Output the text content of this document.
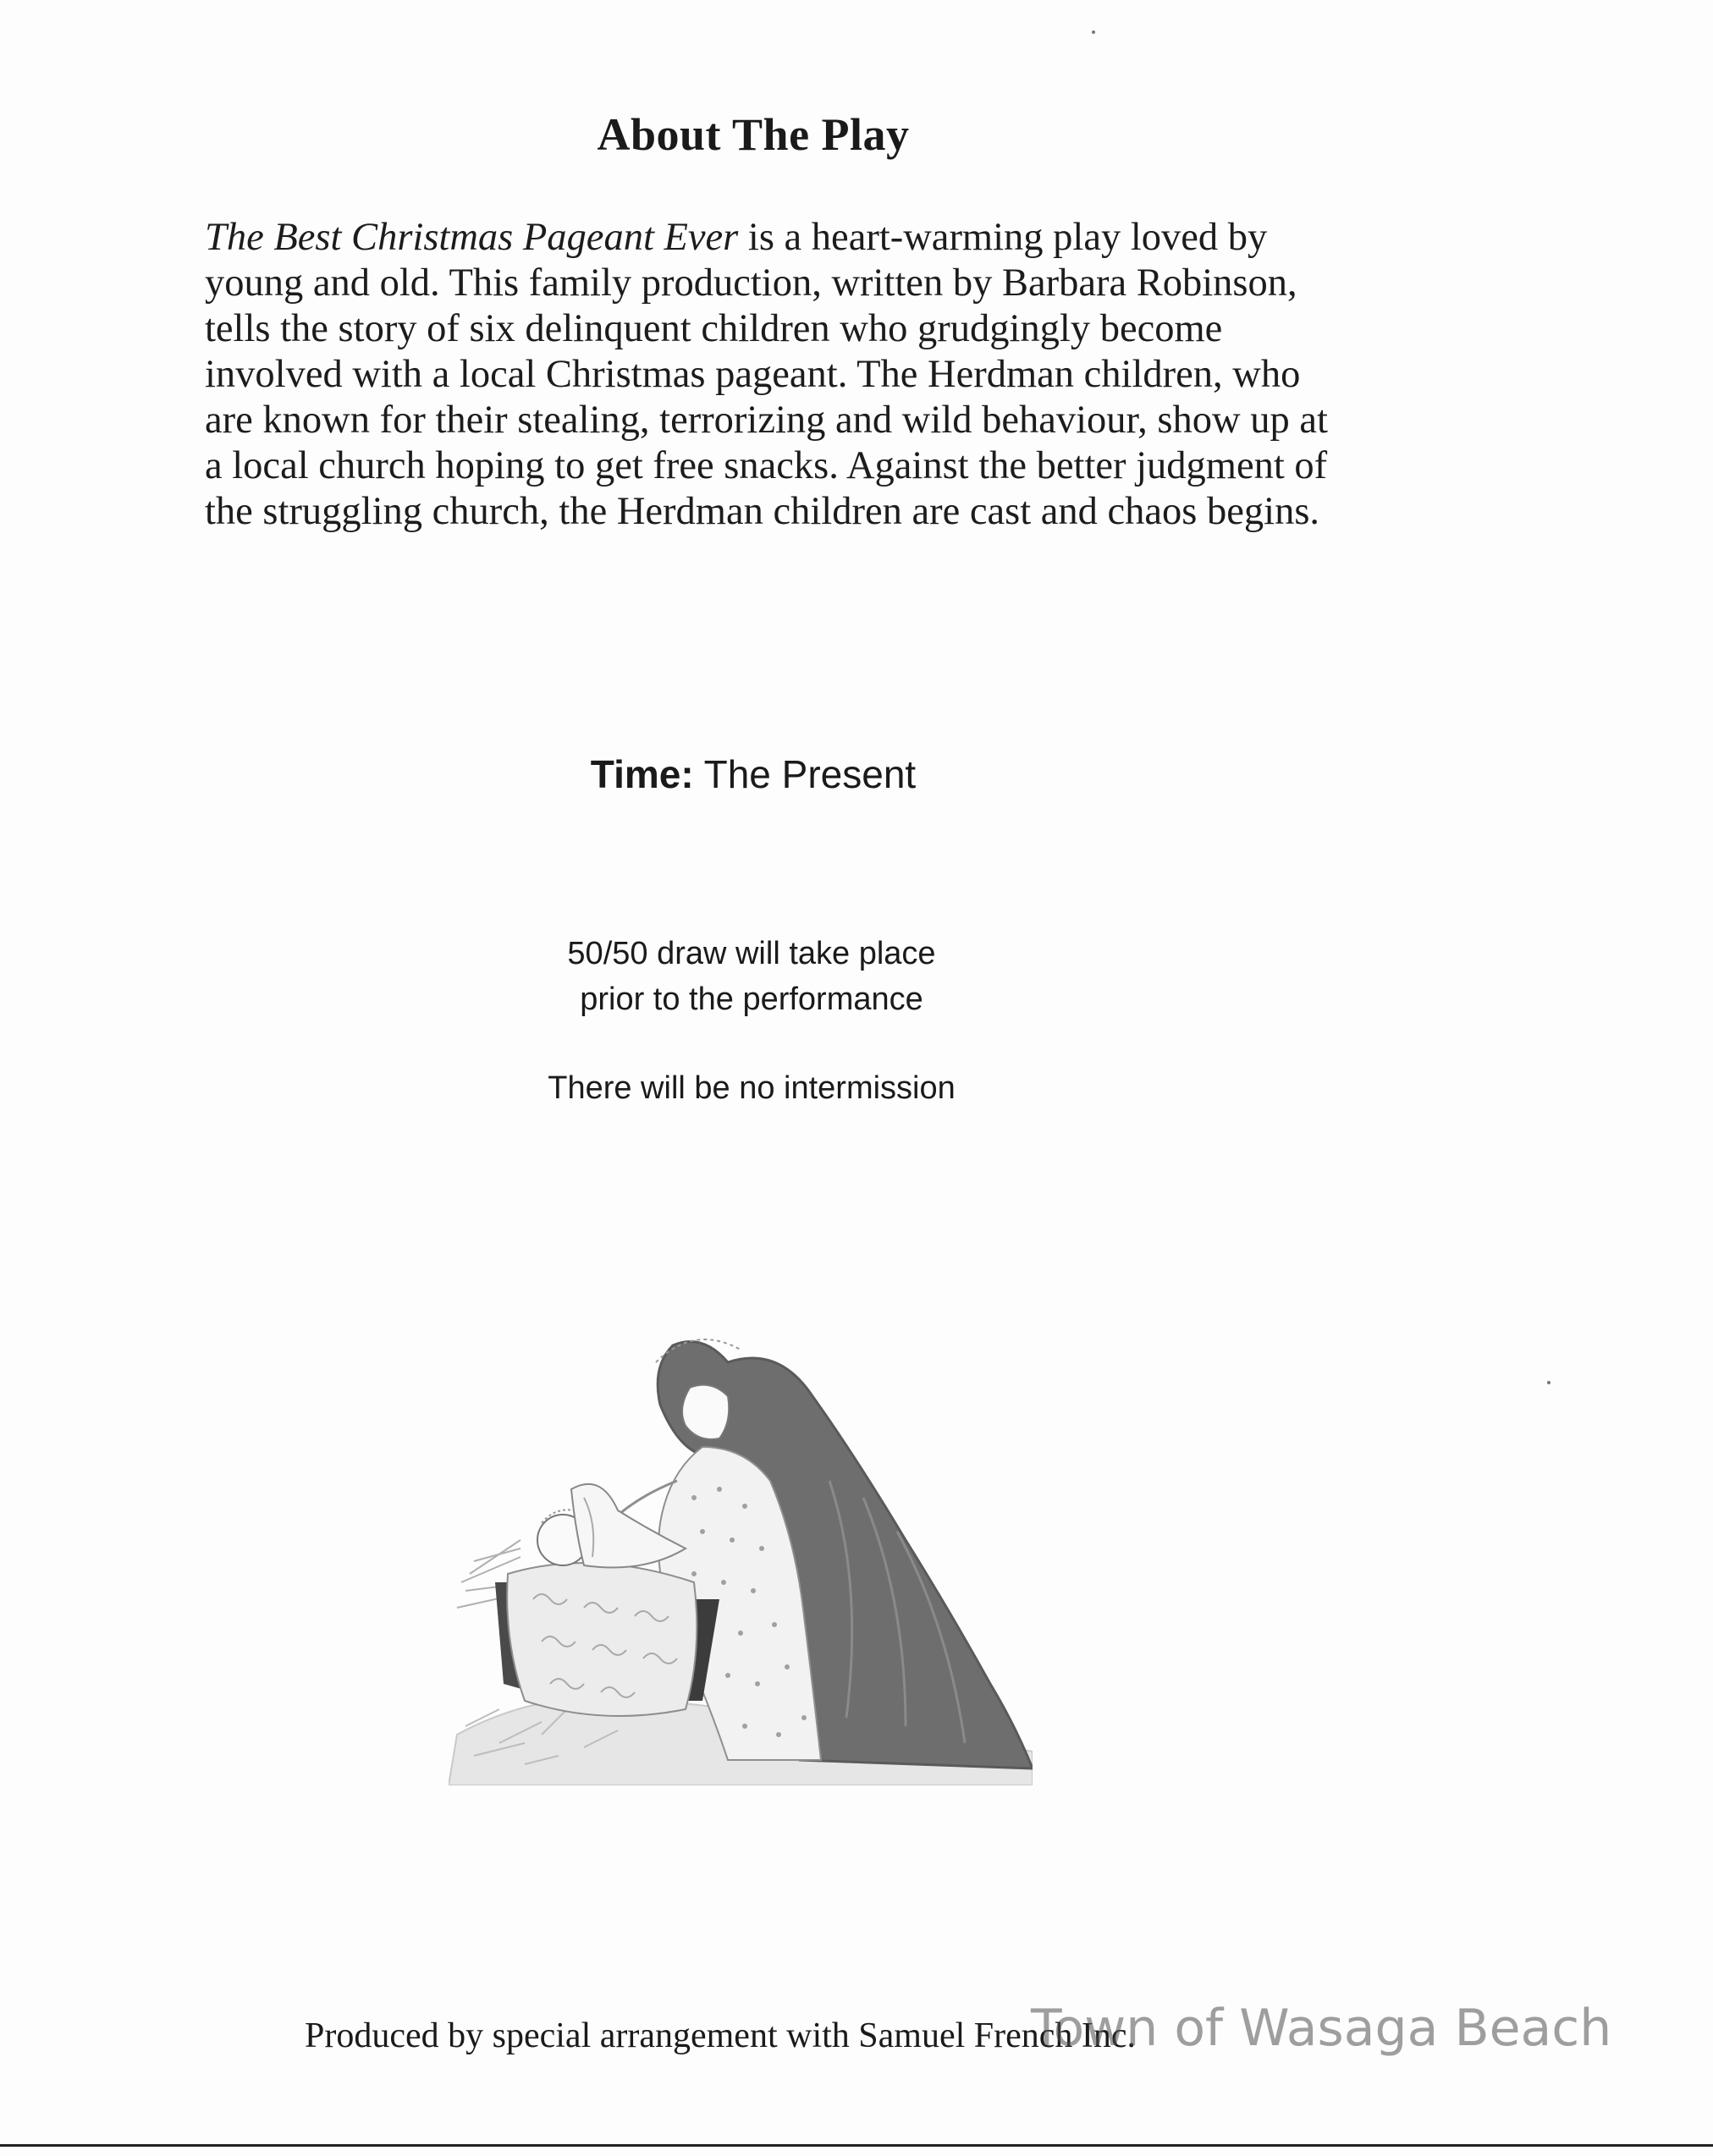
About The Play
The Best Christmas Pageant Ever is a heart-warming play loved by young and old. This family production, written by Barbara Robinson, tells the story of six delinquent children who grudgingly become involved with a local Christmas pageant. The Herdman children, who are known for their stealing, terrorizing and wild behaviour, show up at a local church hoping to get free snacks. Against the better judgment of the struggling church, the Herdman children are cast and chaos begins.
Time: The Present
50/50 draw will take place
prior to the performance
There will be no intermission
Produced by special arrangement with Samuel French Inc.
Town of Wasaga Beach
